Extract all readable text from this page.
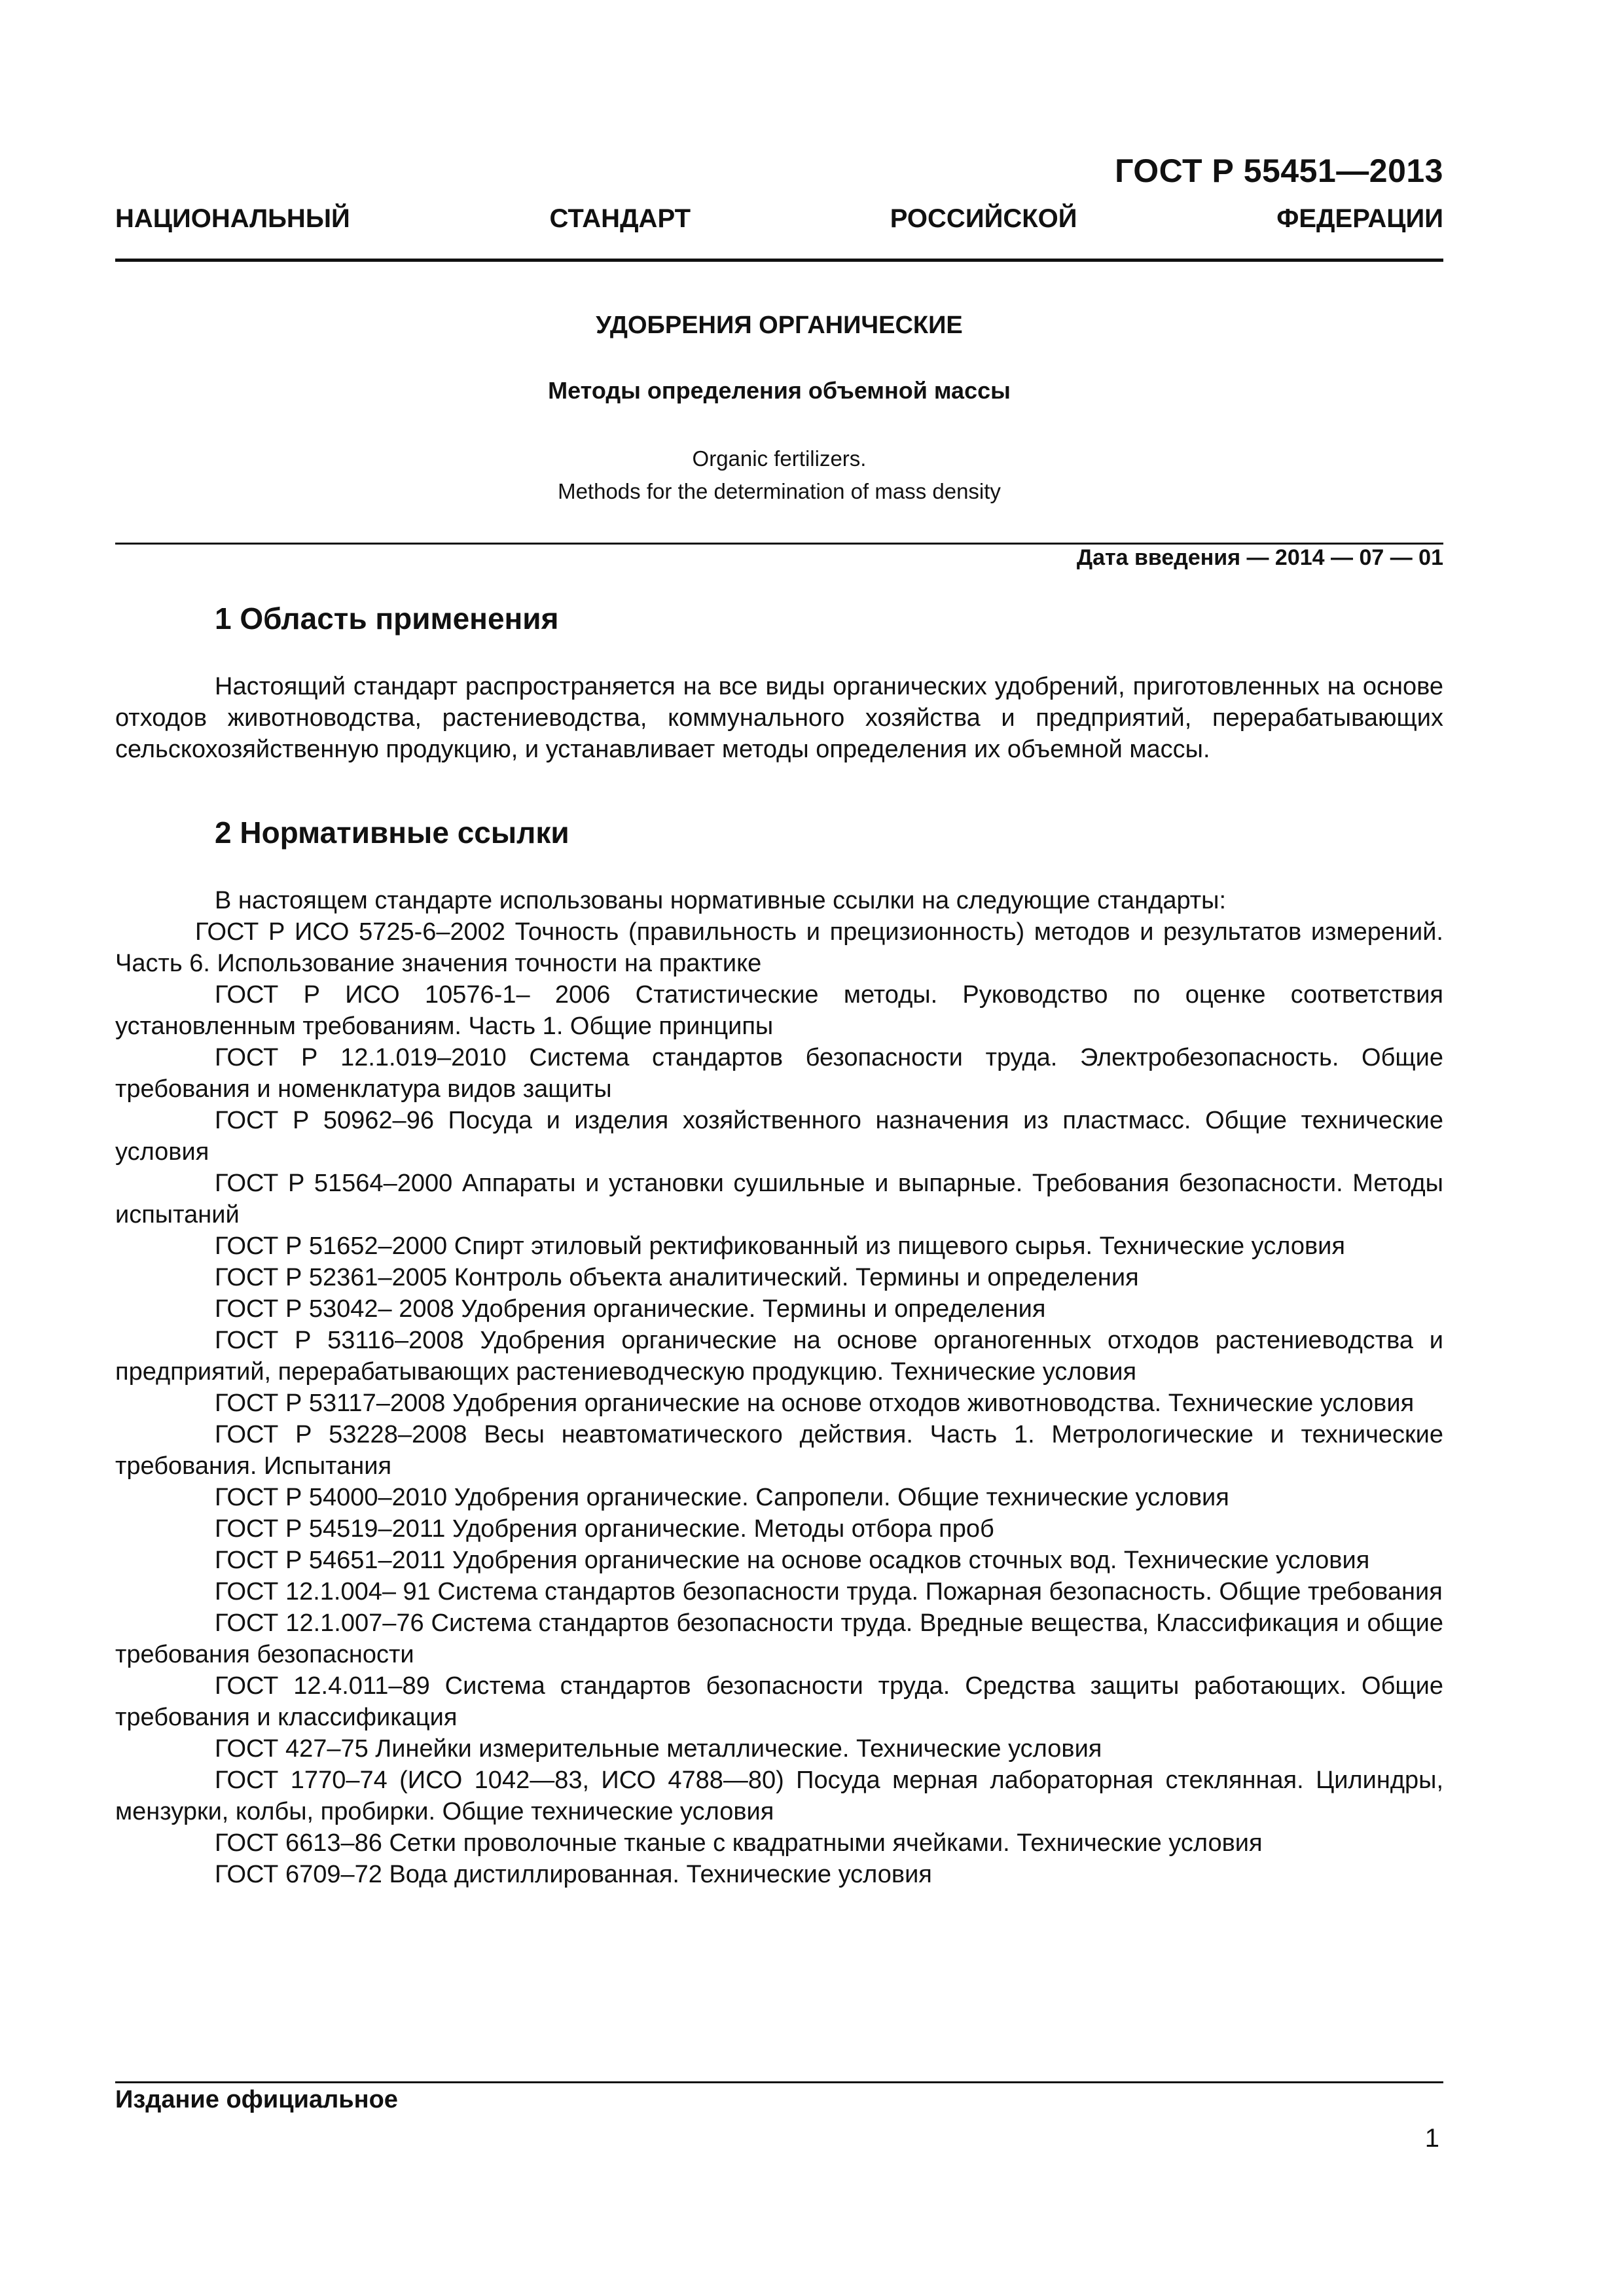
ГОСТ Р 55451—2013
НАЦИОНАЛЬНЫЙ	СТАНДАРТ	РОССИЙСКОЙ	ФЕДЕРАЦИИ
УДОБРЕНИЯ ОРГАНИЧЕСКИЕ
Методы определения объемной массы
Organic fertilizers.
Methods for the determination of mass density
Дата введения — 2014 — 07 — 01
1 Область применения
Настоящий стандарт распространяется на все виды органических удобрений, приготовленных на основе отходов животноводства, растениеводства, коммунального хозяйства и предприятий, перерабатывающих сельскохозяйственную продукцию, и устанавливает методы определения их объемной массы.
2 Нормативные ссылки

В настоящем стандарте использованы нормативные ссылки на следующие стандарты:

ГОСТ Р ИСО 5725-6–2002 Точность (правильность и прецизионность) методов и результатов измерений. Часть 6. Использование значения точности на практике

ГОСТ Р ИСО 10576-1– 2006 Статистические методы. Руководство по оценке соответствия установленным требованиям. Часть 1. Общие принципы

ГОСТ Р 12.1.019–2010 Система стандартов безопасности труда. Электробезопасность. Общие требования и номенклатура видов защиты

ГОСТ Р 50962–96 Посуда и изделия хозяйственного назначения из пластмасс. Общие технические условия

ГОСТ Р 51564–2000 Аппараты и установки сушильные и выпарные. Требования безопасности. Методы испытаний

ГОСТ Р 51652–2000 Спирт этиловый ректификованный из пищевого сырья. Технические условия

ГОСТ Р 52361–2005 Контроль объекта аналитический. Термины и определения

ГОСТ Р 53042– 2008 Удобрения органические. Термины и определения

ГОСТ Р 53116–2008 Удобрения органические на основе органогенных отходов растениеводства и предприятий, перерабатывающих растениеводческую продукцию. Технические условия

ГОСТ Р 53117–2008 Удобрения органические на основе отходов животноводства. Технические условия

ГОСТ Р 53228–2008 Весы неавтоматического действия. Часть 1. Метрологические и технические требования. Испытания

ГОСТ Р 54000–2010 Удобрения органические. Сапропели. Общие технические условия

ГОСТ Р 54519–2011 Удобрения органические. Методы отбора проб

ГОСТ Р 54651–2011 Удобрения органические на основе осадков сточных вод. Технические условия

ГОСТ 12.1.004– 91 Система стандартов безопасности труда. Пожарная безопасность. Общие требования

ГОСТ 12.1.007–76 Система стандартов безопасности труда. Вредные вещества, Классификация и общие требования безопасности

ГОСТ 12.4.011–89 Система стандартов безопасности труда. Средства защиты работающих. Общие требования и классификация

ГОСТ 427–75 Линейки измерительные металлические. Технические условия

ГОСТ 1770–74 (ИСО 1042—83, ИСО 4788—80) Посуда мерная лабораторная стеклянная. Цилиндры, мензурки, колбы, пробирки. Общие технические условия

ГОСТ 6613–86 Сетки проволочные тканые с квадратными ячейками. Технические условия

ГОСТ 6709–72 Вода дистиллированная. Технические условия

Издание официальное
1
